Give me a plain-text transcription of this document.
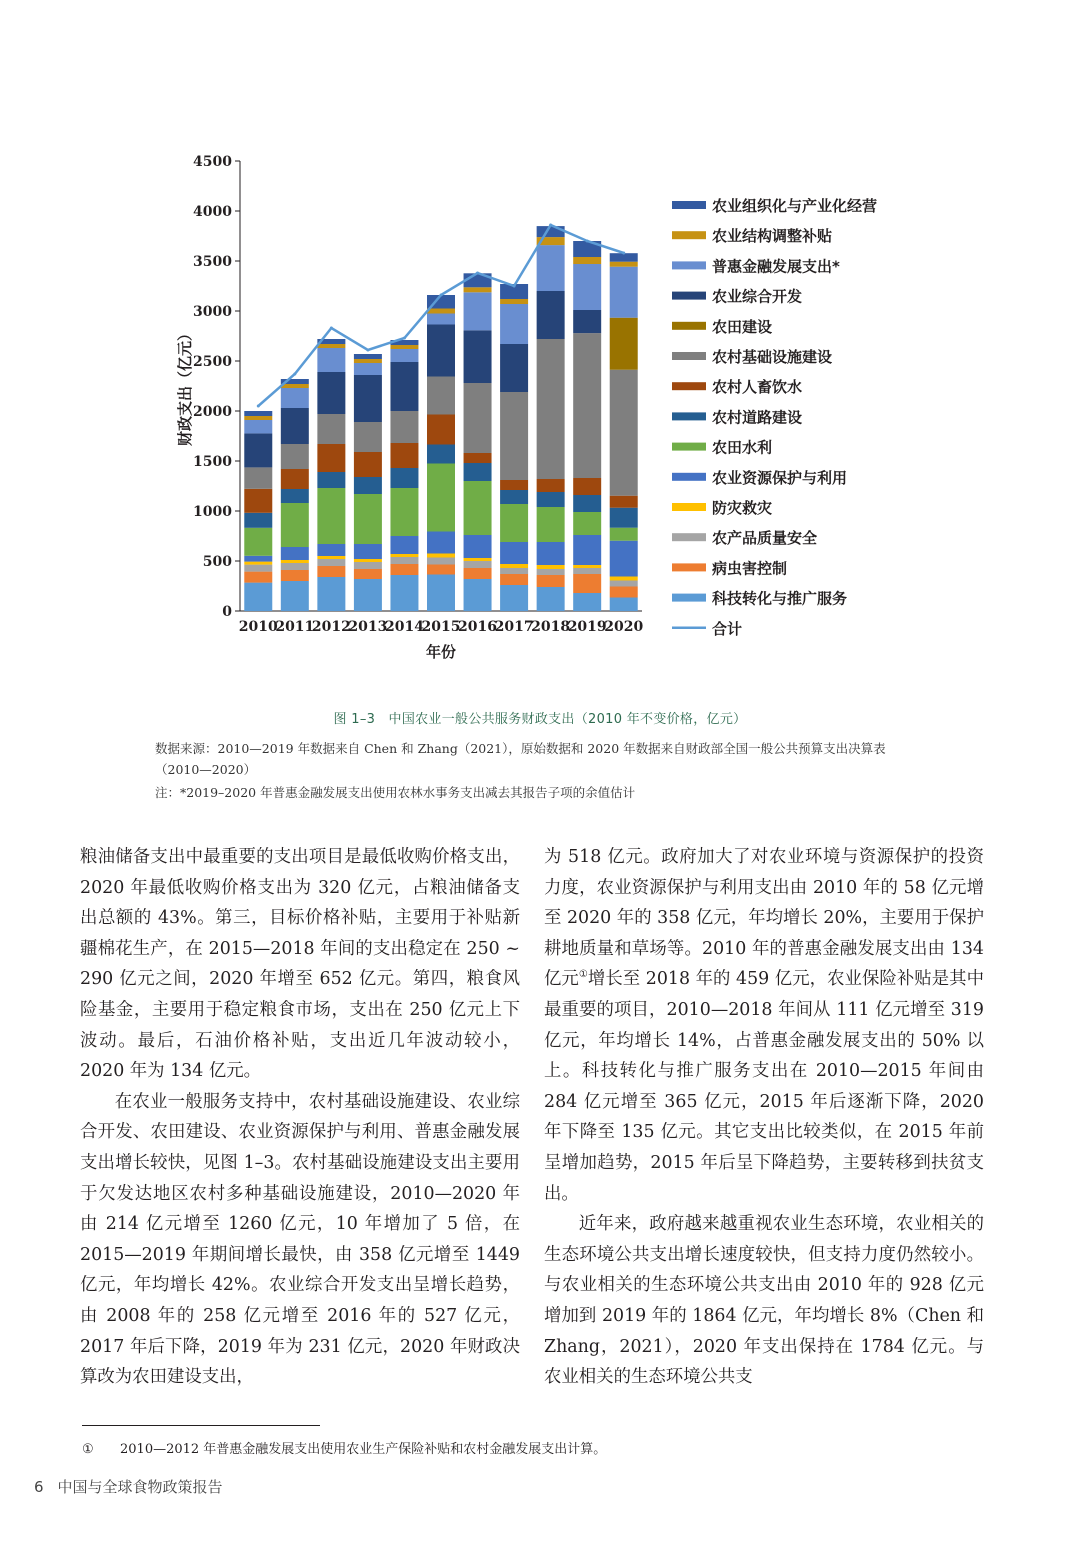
0
500
1000
1500
2000
2500
3000
3500
4000
4500
财政支出（亿元）
2010
2011
2012
2013
2014
2015
2016
2017
2018
2019
2020
年份
农业组织化与产业化经营
农业结构调整补贴
普惠金融发展支出*
农业综合开发
农田建设
农村基础设施建设
农村人畜饮水
农村道路建设
农田水利
农业资源保护与利用
防灾救灾
农产品质量安全
病虫害控制
科技转化与推广服务
合计
图 1–3　中国农业一般公共服务财政支出（2010 年不变价格，亿元）
数据来源：2010—2019 年数据来自 Chen 和 Zhang（2021），原始数据和 2020 年数据来自财政部全国一般公共预算支出决算表
（2010—2020）
注：*2019–2020 年普惠金融发展支出使用农林水事务支出减去其报告子项的余值估计

粮油储备支出中最重要的支出项目是最低收购价格支出，2020 年最低收购价格支出为 320 亿元，占粮油储备支出总额的 43%。第三，目标价格补贴，主要用于补贴新疆棉花生产，在 2015—2018 年间的支出稳定在 250 ~ 290 亿元之间，2020 年增至 652 亿元。第四，粮食风险基金，主要用于稳定粮食市场，支出在 250 亿元上下波动。最后，石油价格补贴，支出近几年波动较小，2020 年为 134 亿元。

在农业一般服务支持中，农村基础设施建设、农业综合开发、农田建设、农业资源保护与利用、普惠金融发展支出增长较快，见图 1–3。农村基础设施建设支出主要用于欠发达地区农村多种基础设施建设，2010—2020 年由 214 亿元增至 1260 亿元，10 年增加了 5 倍，在 2015—2019 年期间增长最快，由 358 亿元增至 1449 亿元，年均增长 42%。农业综合开发支出呈增长趋势，由 2008 年的 258 亿元增至 2016 年的 527 亿元，2017 年后下降，2019 年为 231 亿元，2020 年财政决算改为农田建设支出，

为 518 亿元。政府加大了对农业环境与资源保护的投资力度，农业资源保护与利用支出由 2010 年的 58 亿元增至 2020 年的 358 亿元，年均增长 20%，主要用于保护耕地质量和草场等。2010 年的普惠金融发展支出由 134 亿元①增长至 2018 年的 459 亿元，农业保险补贴是其中最重要的项目，2010—2018 年间从 111 亿元增至 319 亿元，年均增长 14%，占普惠金融发展支出的 50% 以上。科技转化与推广服务支出在 2010—2015 年间由 284 亿元增至 365 亿元，2015 年后逐渐下降，2020 年下降至 135 亿元。其它支出比较类似，在 2015 年前呈增加趋势，2015 年后呈下降趋势，主要转移到扶贫支出。

近年来，政府越来越重视农业生态环境，农业相关的生态环境公共支出增长速度较快，但支持力度仍然较小。与农业相关的生态环境公共支出由 2010 年的 928 亿元增加到 2019 年的 1864 亿元，年均增长 8%（Chen 和 Zhang，2021），2020 年支出保持在 1784 亿元。与农业相关的生态环境公共支

① 2010—2012 年普惠金融发展支出使用农业生产保险补贴和农村金融发展支出计算。
6 中国与全球食物政策报告
